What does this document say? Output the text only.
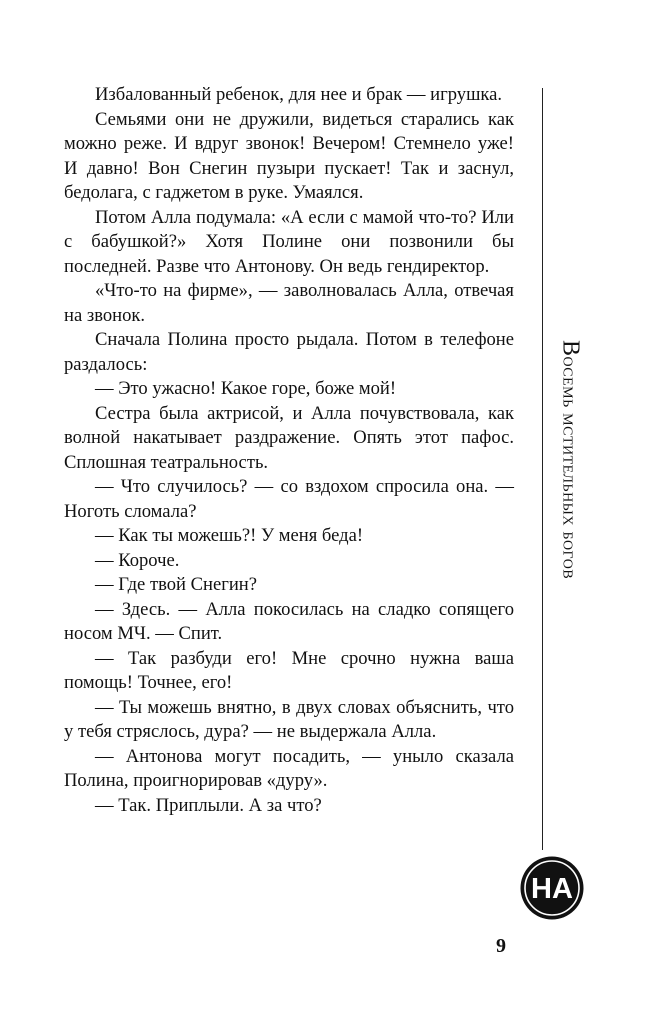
Избалованный ребенок, для нее и брак — игрушка.

Семьями они не дружили, видеться старались как можно реже. И вдруг звонок! Вечером! Стемнело уже! И давно! Вон Снегин пузыри пускает! Так и заснул, бедолага, с гаджетом в руке. Умаялся.

Потом Алла подумала: «А если с мамой что-то? Или с бабушкой?» Хотя Полине они позвонили бы последней. Разве что Антонову. Он ведь гендиректор.

«Что-то на фирме», — заволновалась Алла, отвечая на звонок.

Сначала Полина просто рыдала. Потом в телефоне раздалось:

— Это ужасно! Какое горе, боже мой!

Сестра была актрисой, и Алла почувствовала, как волной накатывает раздражение. Опять этот пафос. Сплошная театральность.

— Что случилось? — со вздохом спросила она. — Ноготь сломала?

— Как ты можешь?! У меня беда!

— Короче.

— Где твой Снегин?

— Здесь. — Алла покосилась на сладко сопящего носом МЧ. — Спит.

— Так разбуди его! Мне срочно нужна ваша помощь! Точнее, его!

— Ты можешь внятно, в двух словах объяснить, что у тебя стряслось, дура? — не выдержала Алла.

— Антонова могут посадить, — уныло сказала Полина, проигнорировав «дуру».

— Так. Приплыли. А за что?

Восемь мстительных богов
HA
9
